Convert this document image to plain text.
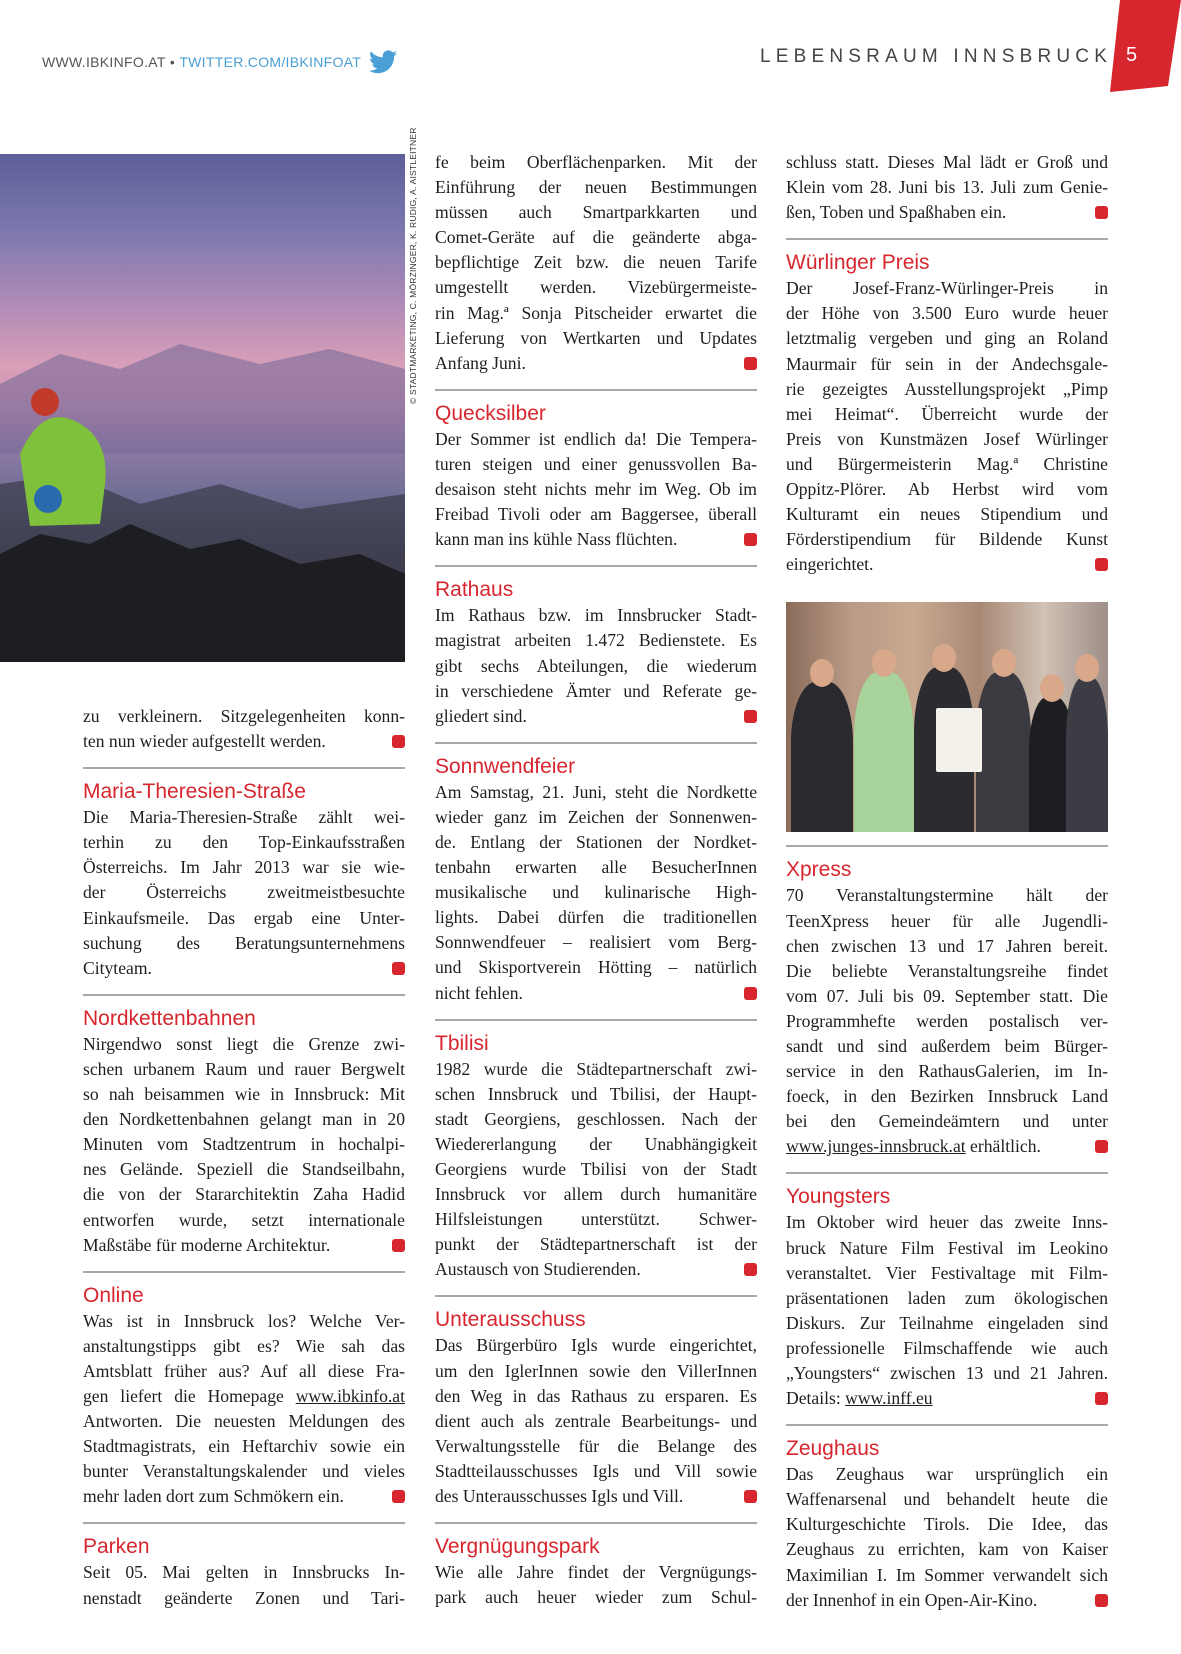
WWW.IBKINFO.AT • TWITTER.COM/IBKINFOAT	LEBENSRAUM INNSBRUCK 5
© STADTMARKETING, C. MÖRZINGER, K. RUDIG, A. AISTLEITNER
zu verkleinern. Sitzgelegenheiten konn-
ten nun wieder aufgestellt werden.
Maria-Theresien-Straße
Die Maria-Theresien-Straße zählt wei-
terhin zu den Top-Einkaufsstraßen
Österreichs. Im Jahr 2013 war sie wie-
der Österreichs zweitmeistbesuchte
Einkaufsmeile. Das ergab eine Unter-
suchung des Beratungsunternehmens
Cityteam.
Nordkettenbahnen
Nirgendwo sonst liegt die Grenze zwi-
schen urbanem Raum und rauer Bergwelt
so nah beisammen wie in Innsbruck: Mit
den Nordkettenbahnen gelangt man in 20
Minuten vom Stadtzentrum in hochalpi-
nes Gelände. Speziell die Standseilbahn,
die von der Stararchitektin Zaha Hadid
entworfen wurde, setzt internationale
Maßstäbe für moderne Architektur.
Online
Was ist in Innsbruck los? Welche Ver-
anstaltungstipps gibt es? Wie sah das
Amtsblatt früher aus? Auf all diese Fra-
gen liefert die Homepage www.ibkinfo.at
Antworten. Die neuesten Meldungen des
Stadtmagistrats, ein Heftarchiv sowie ein
bunter Veranstaltungskalender und vieles
mehr laden dort zum Schmökern ein.
Parken
Seit 05. Mai gelten in Innsbrucks In-
nenstadt geänderte Zonen und Tari-
fe beim Oberflächenparken. Mit der
Einführung der neuen Bestimmungen
müssen auch Smartparkkarten und
Comet-Geräte auf die geänderte abga-
bepflichtige Zeit bzw. die neuen Tarife
umgestellt werden. Vizebürgermeiste-
rin Mag.ª Sonja Pitscheider erwartet die
Lieferung von Wertkarten und Updates
Anfang Juni.
Quecksilber
Der Sommer ist endlich da! Die Tempera-
turen steigen und einer genussvollen Ba-
desaison steht nichts mehr im Weg. Ob im
Freibad Tivoli oder am Baggersee, überall
kann man ins kühle Nass flüchten.
Rathaus
Im Rathaus bzw. im Innsbrucker Stadt-
magistrat arbeiten 1.472 Bedienstete. Es
gibt sechs Abteilungen, die wiederum
in verschiedene Ämter und Referate ge-
gliedert sind.
Sonnwendfeier
Am Samstag, 21. Juni, steht die Nordkette
wieder ganz im Zeichen der Sonnenwen-
de. Entlang der Stationen der Nordket-
tenbahn erwarten alle BesucherInnen
musikalische und kulinarische High-
lights. Dabei dürfen die traditionellen
Sonnwendfeuer – realisiert vom Berg-
und Skisportverein Hötting – natürlich
nicht fehlen.
Tbilisi
1982 wurde die Städtepartnerschaft zwi-
schen Innsbruck und Tbilisi, der Haupt-
stadt Georgiens, geschlossen. Nach der
Wiedererlangung der Unabhängigkeit
Georgiens wurde Tbilisi von der Stadt
Innsbruck vor allem durch humanitäre
Hilfsleistungen unterstützt. Schwer-
punkt der Städtepartnerschaft ist der
Austausch von Studierenden.
Unterausschuss
Das Bürgerbüro Igls wurde eingerichtet,
um den IglerInnen sowie den VillerInnen
den Weg in das Rathaus zu ersparen. Es
dient auch als zentrale Bearbeitungs- und
Verwaltungsstelle für die Belange des
Stadtteilausschusses Igls und Vill sowie
des Unterausschusses Igls und Vill.
Vergnügungspark
Wie alle Jahre findet der Vergnügungs-
park auch heuer wieder zum Schul-
schluss statt. Dieses Mal lädt er Groß und
Klein vom 28. Juni bis 13. Juli zum Genie-
ßen, Toben und Spaßhaben ein.
Würlinger Preis
Der Josef-Franz-Würlinger-Preis in
der Höhe von 3.500 Euro wurde heuer
letztmalig vergeben und ging an Roland
Maurmair für sein in der Andechsgale-
rie gezeigtes Ausstellungsprojekt „Pimp
mei Heimat“. Überreicht wurde der
Preis von Kunstmäzen Josef Würlinger
und Bürgermeisterin Mag.ª Christine
Oppitz-Plörer. Ab Herbst wird vom
Kulturamt ein neues Stipendium und
Förderstipendium für Bildende Kunst
eingerichtet.
Xpress
70 Veranstaltungstermine hält der
TeenXpress heuer für alle Jugendli-
chen zwischen 13 und 17 Jahren bereit.
Die beliebte Veranstaltungsreihe findet
vom 07. Juli bis 09. September statt. Die
Programmhefte werden postalisch ver-
sandt und sind außerdem beim Bürger-
service in den RathausGalerien, im In-
foeck, in den Bezirken Innsbruck Land
bei den Gemeindeämtern und unter
www.junges-innsbruck.at erhältlich.
Youngsters
Im Oktober wird heuer das zweite Inns-
bruck Nature Film Festival im Leokino
veranstaltet. Vier Festivaltage mit Film-
präsentationen laden zum ökologischen
Diskurs. Zur Teilnahme eingeladen sind
professionelle Filmschaffende wie auch
„Youngsters“ zwischen 13 und 21 Jahren.
Details: www.inff.eu
Zeughaus
Das Zeughaus war ursprünglich ein
Waffenarsenal und behandelt heute die
Kulturgeschichte Tirols. Die Idee, das
Zeughaus zu errichten, kam von Kaiser
Maximilian I. Im Sommer verwandelt sich
der Innenhof in ein Open-Air-Kino.
